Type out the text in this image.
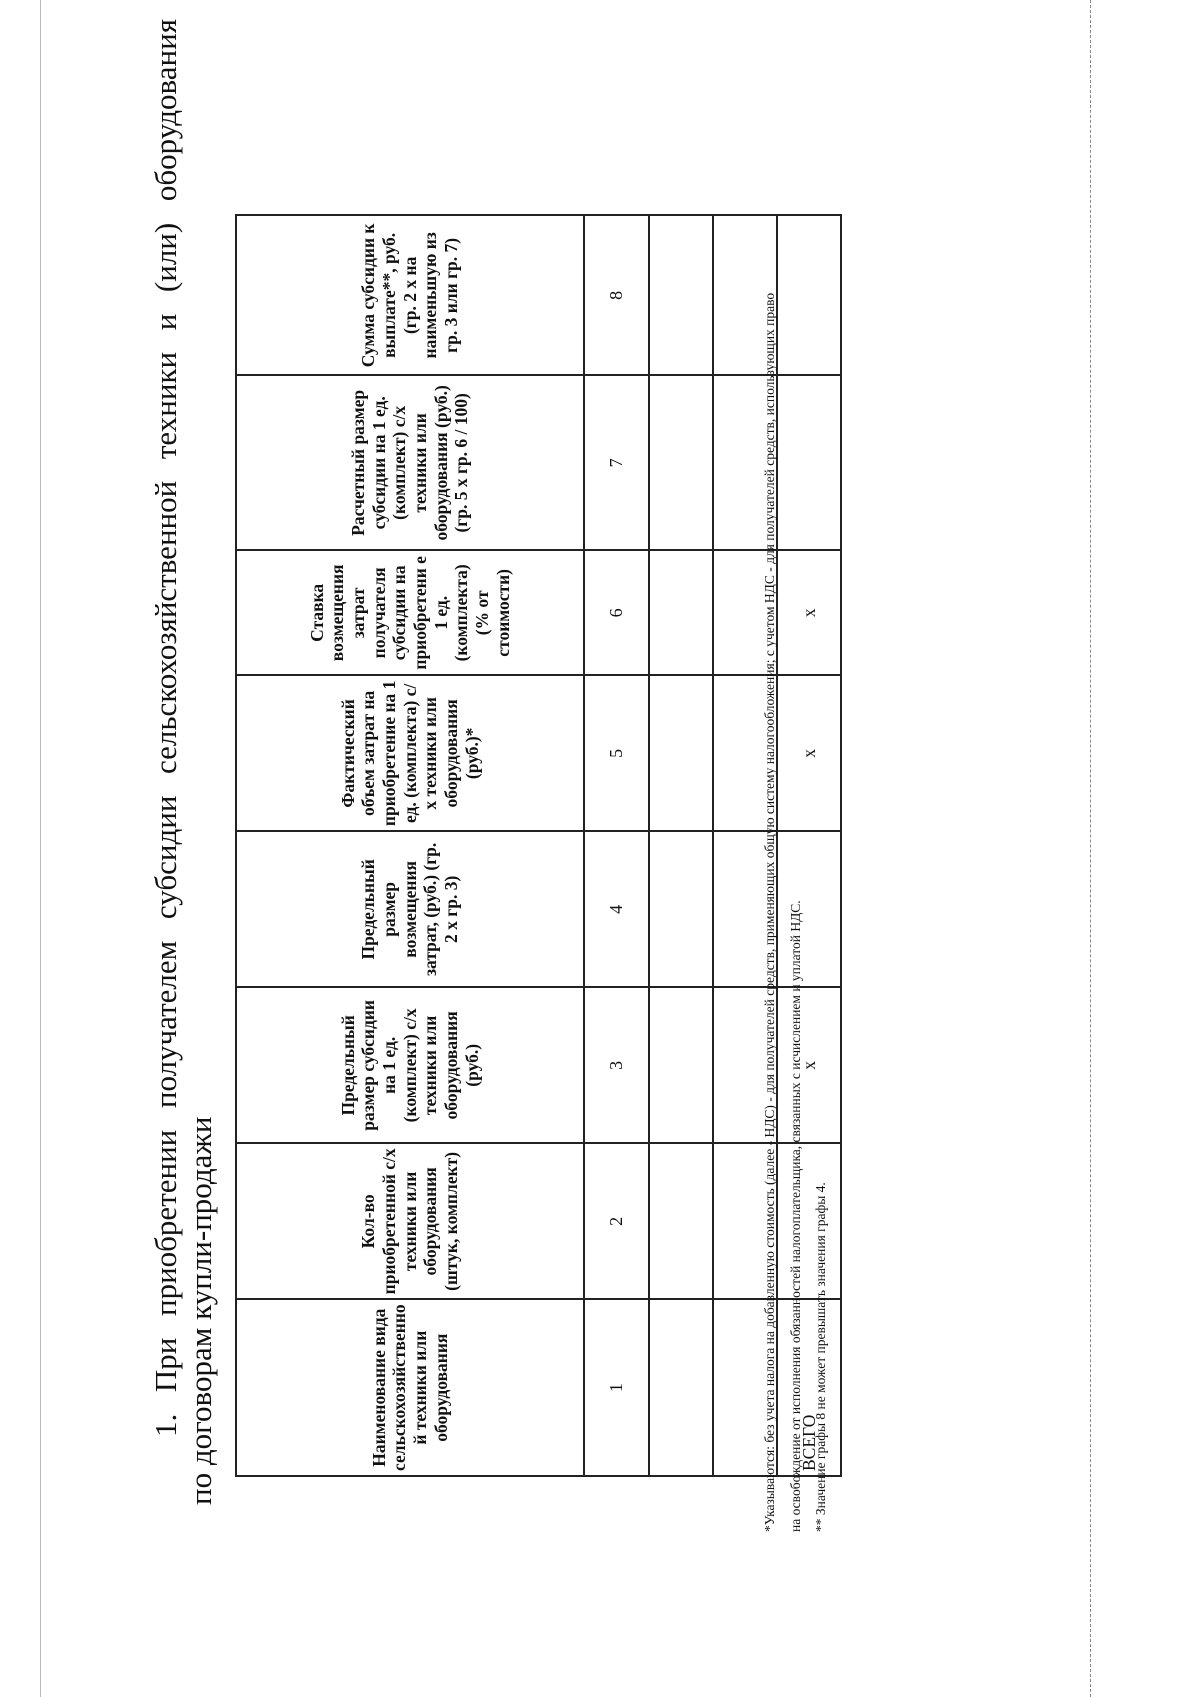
1.
При
приобретении
получателем
субсидии
сельскохозяйственной
техники
и
(или)
оборудования
по договорам купли-продажи	Наименование вида сельскохозяйственно й техники или оборудования	Кол-во приобретенной с/х техники или оборудования (штук, комплект)	Предельный размер субсидии на 1 ед. (комплект) с/х техники или оборудования (руб.)	Предельный размер возмещения затрат, (руб.) (гр. 2 х гр. 3)	Фактический объем затрат на приобретение на 1 ед. (комплекта) с/х техники или оборудования (руб.)*	Ставка возмещения затрат получателя субсидии на приобретени е 1 ед. (комплекта) (% от стоимости)	Расчетный размер субсидии на 1 ед. (комплект) с/х техники или оборудования (руб.) (гр. 5 х гр. 6 / 100)	Сумма субсидии к выплате**, руб. (гр. 2 х на наименьшую из гр. 3 или гр. 7)
1	2	3	4	5	6	7	8

ВСЕГО		х		х	х		
*Указываются: без учета налога на добавленную стоимость (далее - НДС) - для получателей средств, применяющих общую систему налогообложения; с учетом НДС - для получателей средств, использующих право на освобождение от исполнения обязанностей налогоплательщика, связанных с исчислением и уплатой НДС. ** Значение графы 8 не может превышать значения графы 4.
